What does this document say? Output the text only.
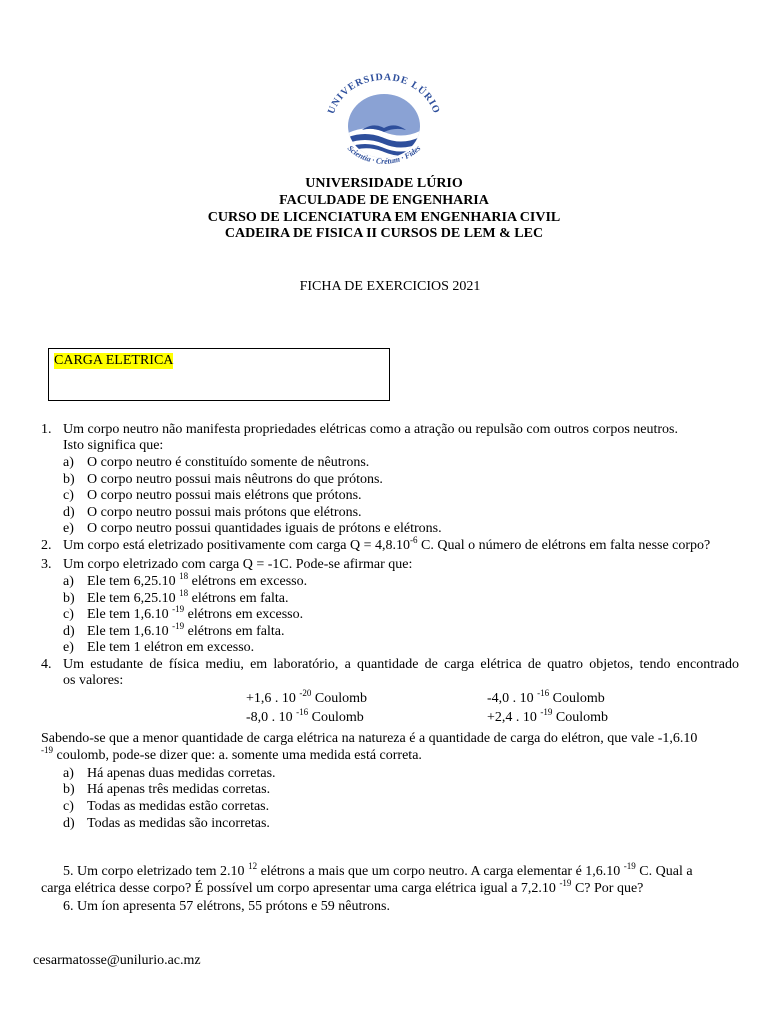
UNIVERSIDADE LÚRIO
Scientia · Crétum · Fides
UNIVERSIDADE LÚRIO
FACULDADE DE ENGENHARIA
CURSO DE LICENCIATURA EM ENGENHARIA CIVIL
CADEIRA DE FISICA II CURSOS DE LEM & LEC
FICHA DE EXERCICIOS 2021
CARGA ELETRICA
1. Um corpo neutro não manifesta propriedades elétricas como a atração ou repulsão com outros corpos neutros.
Isto significa que:
a) O corpo neutro é constituído somente de nêutrons.
b) O corpo neutro possui mais nêutrons do que prótons.
c) O corpo neutro possui mais elétrons que prótons.
d) O corpo neutro possui mais prótons que elétrons.
e) O corpo neutro possui quantidades iguais de prótons e elétrons.
2. Um corpo está eletrizado positivamente com carga $Q = 4,8.10^{-6}$ C. Qual o número de elétrons em falta nesse corpo?
3. Um corpo eletrizado com carga Q = -1C. Pode-se afirmar que:
a) Ele tem 6,25.10 $^{18}$ elétrons em excesso.
b) Ele tem 6,25.10 $^{18}$ elétrons em falta.
c) Ele tem 1,6.10 $^{-19}$ elétrons em excesso.
d) Ele tem 1,6.10 $^{-19}$ elétrons em falta.
e) Ele tem 1 elétron em excesso.
4. Um estudante de física mediu, em laboratório, a quantidade de carga elétrica de quatro objetos, tendo encontrado
os valores:
+1,6 . 10 $^{-20}$ Coulomb	-4,0 . 10 $^{-16}$ Coulomb
-8,0 . 10 $^{-16}$ Coulomb	+2,4 . 10 $^{-19}$ Coulomb
Sabendo-se que a menor quantidade de carga elétrica na natureza é a quantidade de carga do elétron, que vale -1,6.10
$^{-19}$ coulomb, pode-se dizer que: a. somente uma medida está correta.
a) Há apenas duas medidas corretas.
b) Há apenas três medidas corretas.
c) Todas as medidas estão corretas.
d) Todas as medidas são incorretas.
5. Um corpo eletrizado tem 2.10 $^{12}$ elétrons a mais que um corpo neutro. A carga elementar é 1,6.10 $^{-19}$ C. Qual a
carga elétrica desse corpo? É possível um corpo apresentar uma carga elétrica igual a 7,2.10 $^{-19}$ C? Por que?
6. Um íon apresenta 57 elétrons, 55 prótons e 59 nêutrons.
cesarmatosse@unilurio.ac.mz
